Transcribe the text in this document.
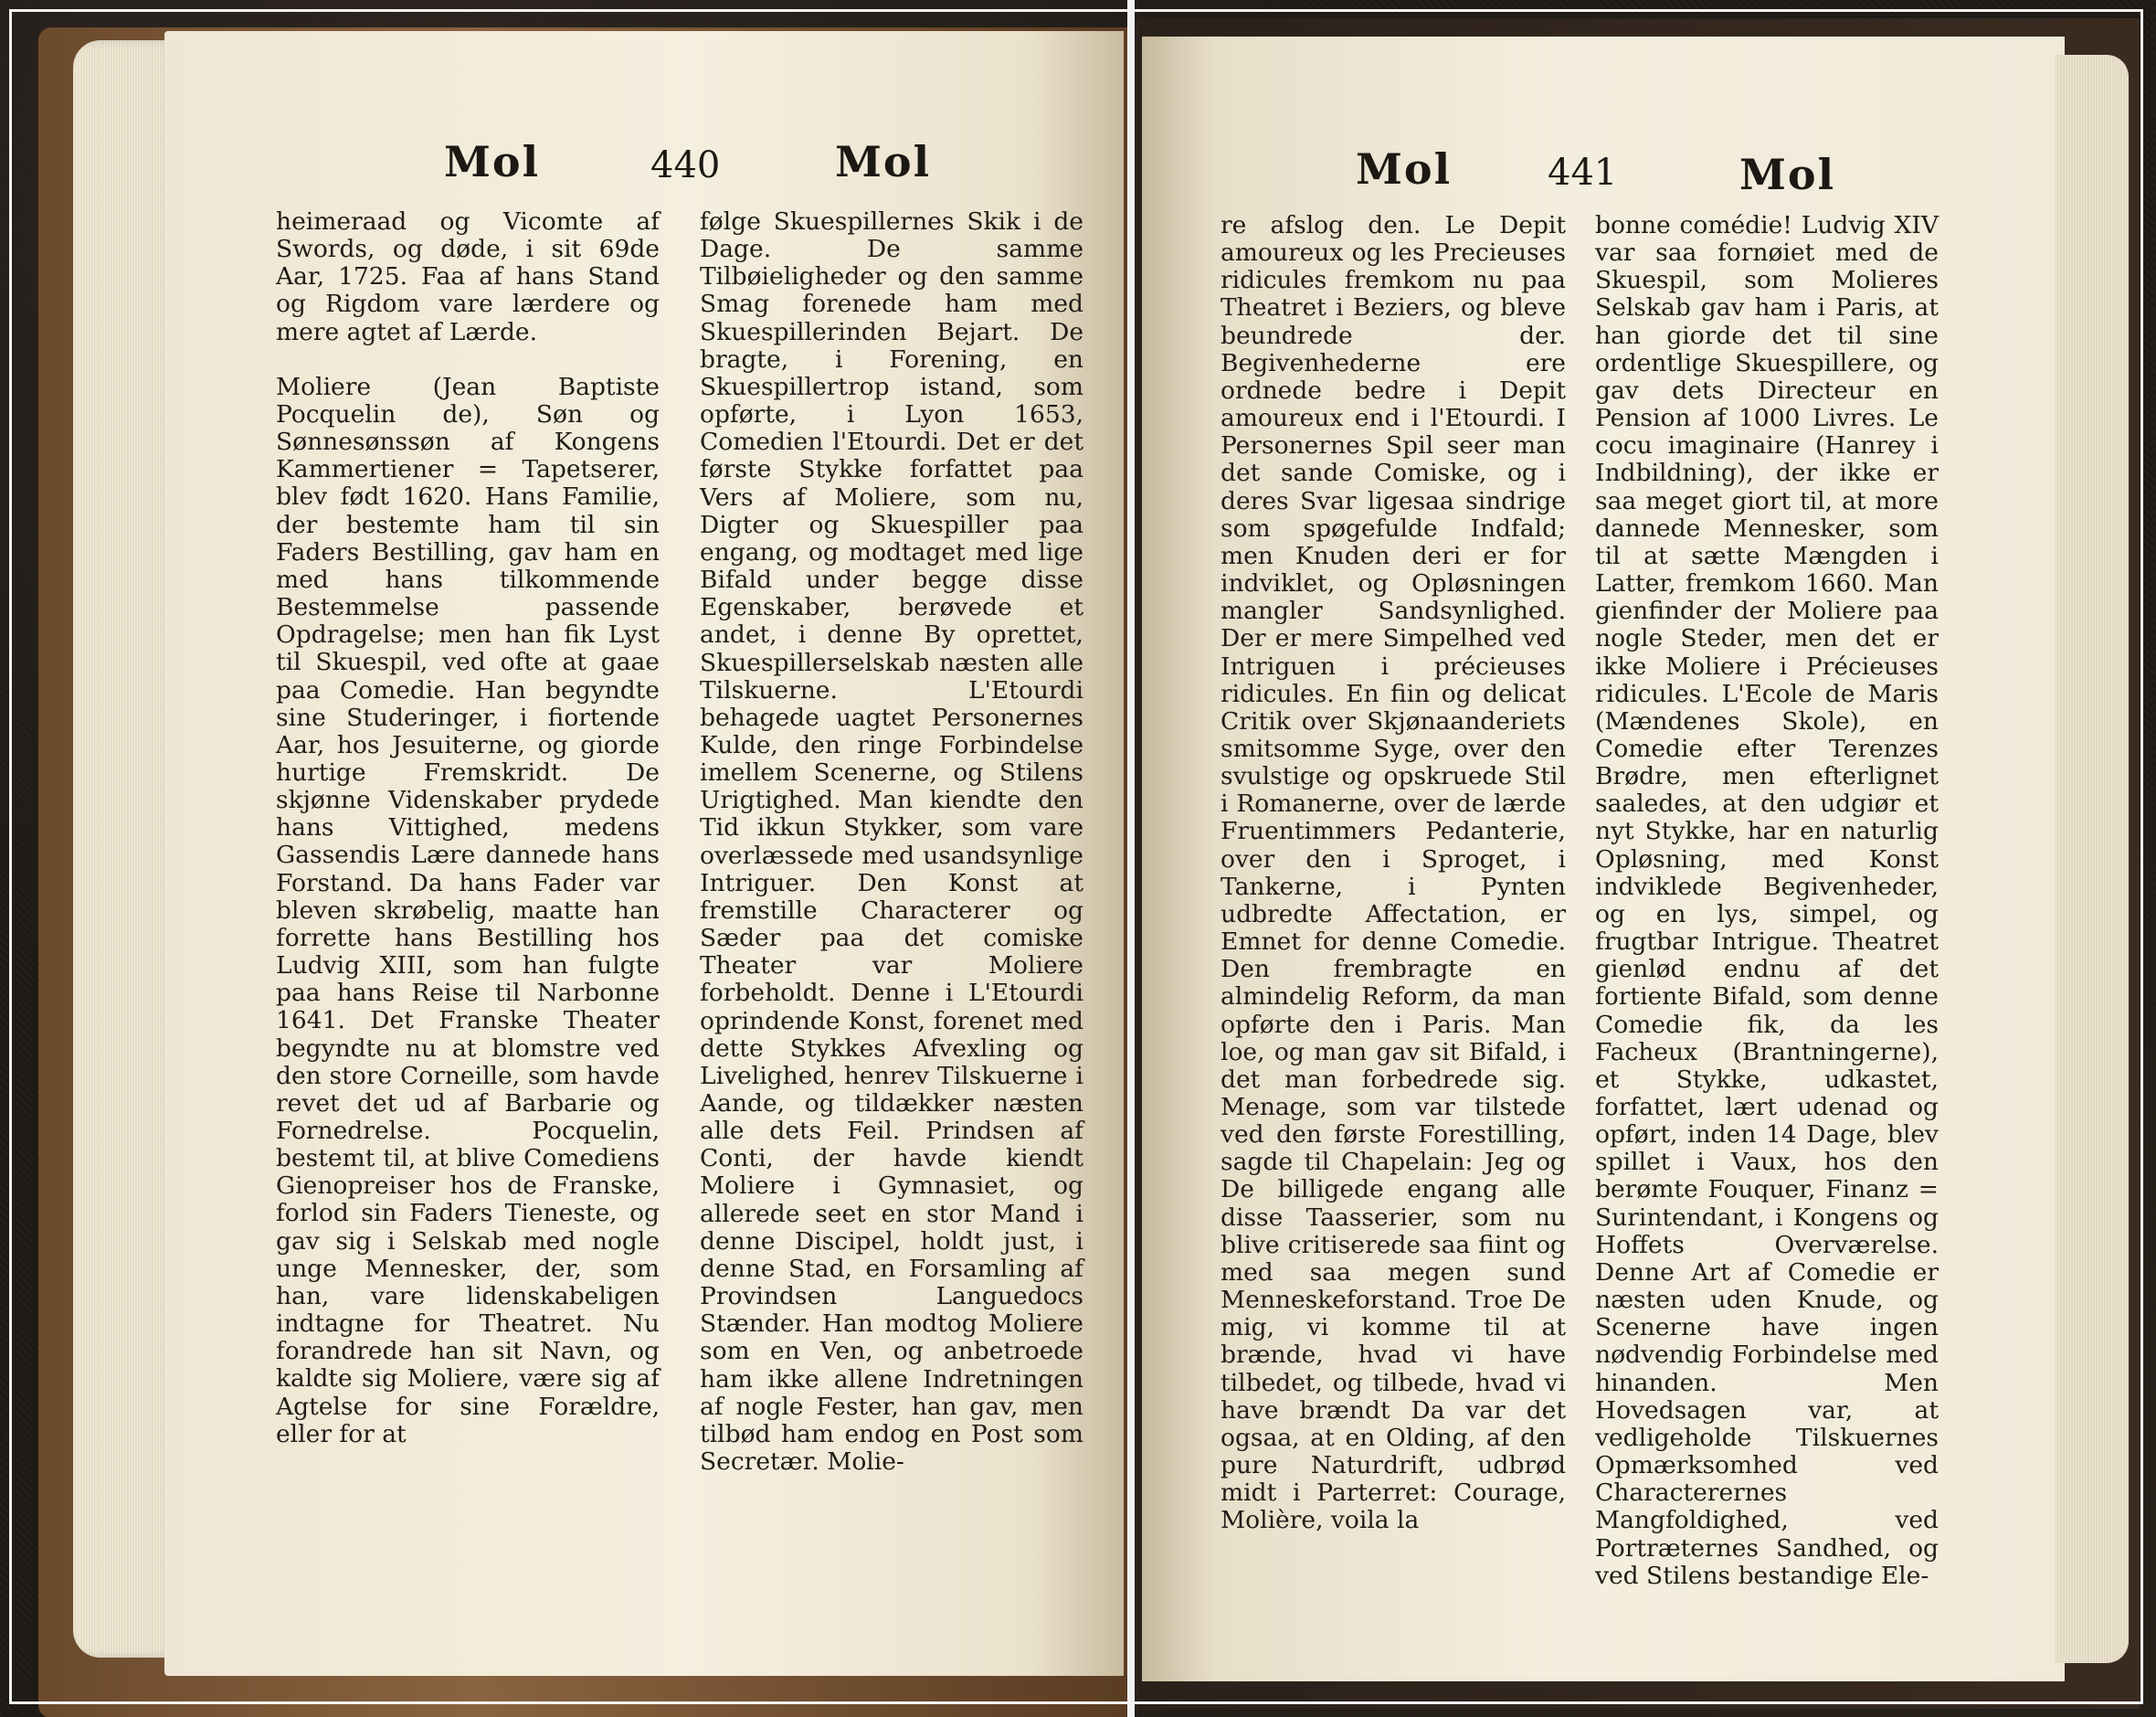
Mol	440	Mol

heimeraad og Vicomte af Swords, og døde, i sit 69de Aar, 1725. Faa af hans Stand og Rigdom vare lærdere og mere agtet af Lærde.

Moliere (Jean Baptiste Pocquelin de), Søn og Sønnesønssøn af Kongens Kammertiener = Tapetserer, blev født 1620. Hans Familie, der bestemte ham til sin Faders Bestilling, gav ham en med hans tilkommende Bestemmelse passende Opdragelse; men han fik Lyst til Skuespil, ved ofte at gaae paa Comedie. Han begyndte sine Studeringer, i fiortende Aar, hos Jesuiterne, og giorde hurtige Fremskridt. De skjønne Videnskaber prydede hans Vittighed, medens Gassendis Lære dannede hans Forstand. Da hans Fader var bleven skrøbelig, maatte han forrette hans Bestilling hos Ludvig XIII, som han fulgte paa hans Reise til Narbonne 1641. Det Franske Theater begyndte nu at blomstre ved den store Corneille, som havde revet det ud af Barbarie og Fornedrelse. Pocquelin, bestemt til, at blive Comediens Gienopreiser hos de Franske, forlod sin Faders Tieneste, og gav sig i Selskab med nogle unge Mennesker, der, som han, vare lidenskabeligen indtagne for Theatret. Nu forandrede han sit Navn, og kaldte sig Moliere, være sig af Agtelse for sine Forældre, eller for at

følge Skuespillernes Skik i de Dage. De samme Tilbøieligheder og den samme Smag forenede ham med Skuespillerinden Bejart. De bragte, i Forening, en Skuespillertrop istand, som opførte, i Lyon 1653, Comedien l'Etourdi. Det er det første Stykke forfattet paa Vers af Moliere, som nu, Digter og Skuespiller paa engang, og modtaget med lige Bifald under begge disse Egenskaber, berøvede et andet, i denne By oprettet, Skuespillerselskab næsten alle Tilskuerne. L'Etourdi behagede uagtet Personernes Kulde, den ringe Forbindelse imellem Scenerne, og Stilens Urigtighed. Man kiendte den Tid ikkun Stykker, som vare overlæssede med usandsynlige Intriguer. Den Konst at fremstille Characterer og Sæder paa det comiske Theater var Moliere forbeholdt. Denne i L'Etourdi oprindende Konst, forenet med dette Stykkes Afvexling og Livelighed, henrev Tilskuerne i Aande, og tildækker næsten alle dets Feil. Prindsen af Conti, der havde kiendt Moliere i Gymnasiet, og allerede seet en stor Mand i denne Discipel, holdt just, i denne Stad, en Forsamling af Provindsen Languedocs Stænder. Han modtog Moliere som en Ven, og anbetroede ham ikke allene Indretningen af nogle Fester, han gav, men tilbød ham endog en Post som Secretær. Molie-

Mol	441	Mol

re afslog den. Le Depit amoureux og les Precieuses ridicules fremkom nu paa Theatret i Beziers, og bleve beundrede der. Begivenhederne ere ordnede bedre i Depit amoureux end i l'Etourdi. I Personernes Spil seer man det sande Comiske, og i deres Svar ligesaa sindrige som spøgefulde Indfald; men Knuden deri er for indviklet, og Opløsningen mangler Sandsynlighed. Der er mere Simpelhed ved Intriguen i précieuses ridicules. En fiin og delicat Critik over Skjønaanderiets smitsomme Syge, over den svulstige og opskruede Stil i Romanerne, over de lærde Fruentimmers Pedanterie, over den i Sproget, i Tankerne, i Pynten udbredte Affectation, er Emnet for denne Comedie. Den frembragte en almindelig Reform, da man opførte den i Paris. Man loe, og man gav sit Bifald, i det man forbedrede sig. Menage, som var tilstede ved den første Forestilling, sagde til Chapelain: Jeg og De billigede engang alle disse Taasserier, som nu blive critiserede saa fiint og med saa megen sund Menneskeforstand. Troe De mig, vi komme til at brænde, hvad vi have tilbedet, og tilbede, hvad vi have brændt Da var det ogsaa, at en Olding, af den pure Naturdrift, udbrød midt i Parterret: Courage, Molière, voila la

bonne comédie! Ludvig XIV var saa fornøiet med de Skuespil, som Molieres Selskab gav ham i Paris, at han giorde det til sine ordentlige Skuespillere, og gav dets Directeur en Pension af 1000 Livres. Le cocu imaginaire (Hanrey i Indbildning), der ikke er saa meget giort til, at more dannede Mennesker, som til at sætte Mængden i Latter, fremkom 1660. Man gienfinder der Moliere paa nogle Steder, men det er ikke Moliere i Précieuses ridicules. L'Ecole de Maris (Mændenes Skole), en Comedie efter Terenzes Brødre, men efterlignet saaledes, at den udgiør et nyt Stykke, har en naturlig Opløsning, med Konst indviklede Begivenheder, og en lys, simpel, og frugtbar Intrigue. Theatret gienlød endnu af det fortiente Bifald, som denne Comedie fik, da les Facheux (Brantningerne), et Stykke, udkastet, forfattet, lært udenad og opført, inden 14 Dage, blev spillet i Vaux, hos den berømte Fouquer, Finanz = Surintendant, i Kongens og Hoffets Overværelse. Denne Art af Comedie er næsten uden Knude, og Scenerne have ingen nødvendig Forbindelse med hinanden. Men Hovedsagen var, at vedligeholde Tilskuernes Opmærksomhed ved Characterernes Mangfoldighed, ved Portræternes Sandhed, og ved Stilens bestandige Ele-
